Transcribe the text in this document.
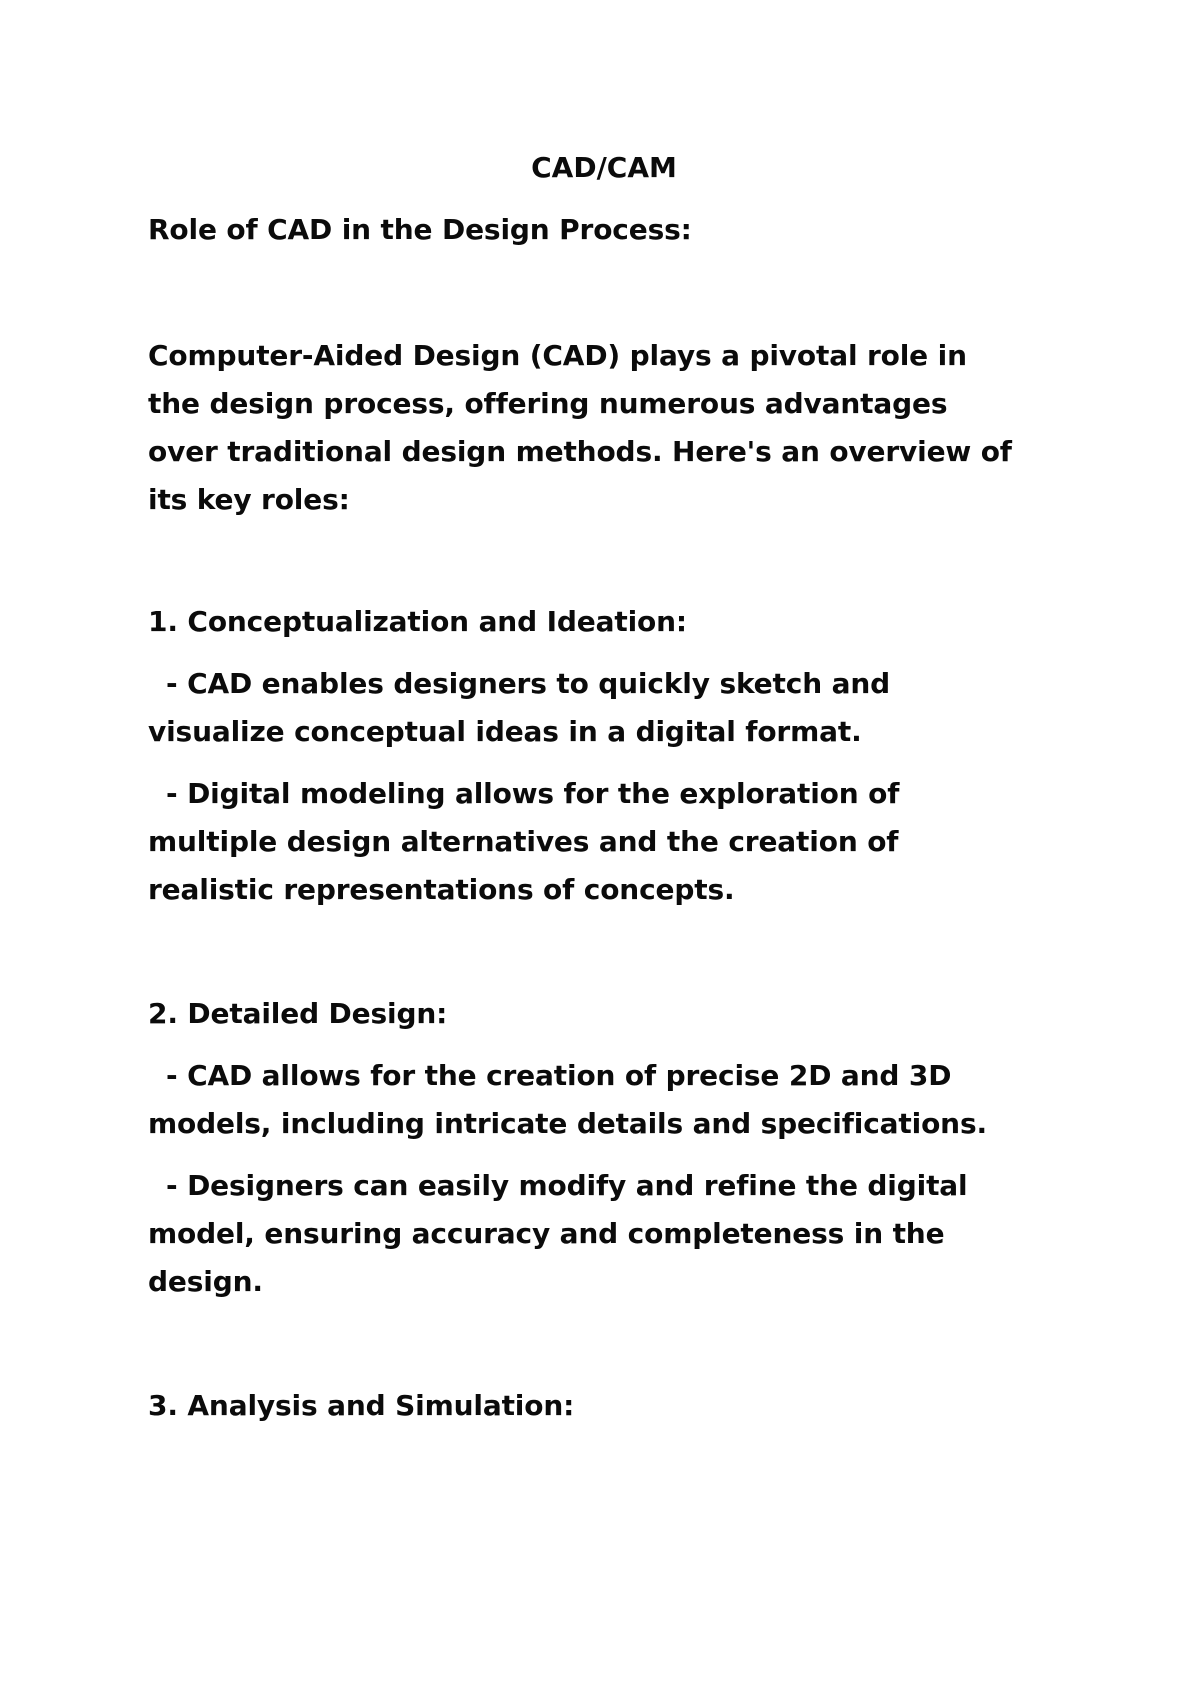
CAD/CAM
Role of CAD in the Design Process:
Computer-Aided Design (CAD) plays a pivotal role in
the design process, offering numerous advantages
over traditional design methods. Here's an overview of
its key roles:
1. Conceptualization and Ideation:
- CAD enables designers to quickly sketch and
visualize conceptual ideas in a digital format.
- Digital modeling allows for the exploration of
multiple design alternatives and the creation of
realistic representations of concepts.
2. Detailed Design:
- CAD allows for the creation of precise 2D and 3D
models, including intricate details and specifications.
- Designers can easily modify and refine the digital
model, ensuring accuracy and completeness in the
design.
3. Analysis and Simulation:
